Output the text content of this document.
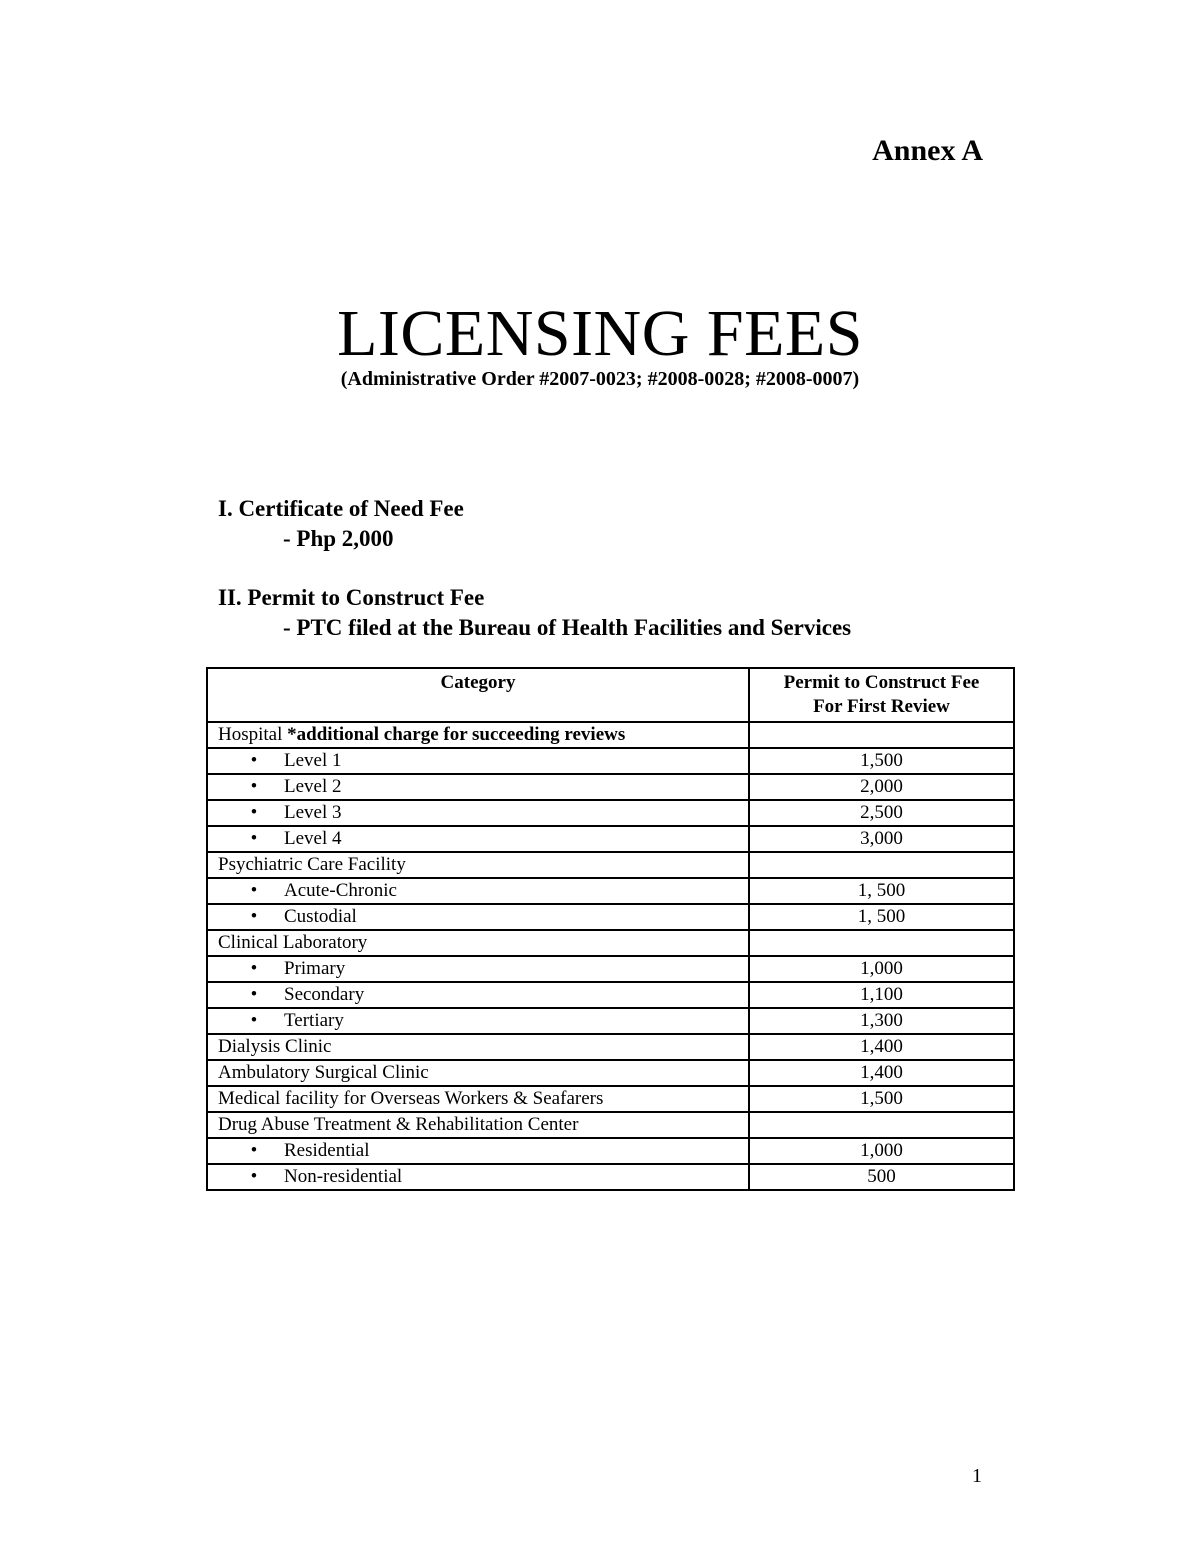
Annex A
LICENSING FEES
(Administrative Order #2007-0023; #2008-0028; #2008-0007)
I. Certificate of Need Fee
- Php 2,000
II. Permit to Construct Fee
- PTC filed at the Bureau of Health Facilities and Services
Category	Permit to Construct Fee
For First Review
Hospital *additional charge for succeeding reviews	
• Level 1	1,500
• Level 2	2,000
• Level 3	2,500
• Level 4	3,000
Psychiatric Care Facility	
• Acute-Chronic	1, 500
• Custodial	1, 500
Clinical Laboratory	
• Primary	1,000
• Secondary	1,100
• Tertiary	1,300
Dialysis Clinic	1,400
Ambulatory Surgical Clinic	1,400
Medical facility for Overseas Workers & Seafarers	1,500
Drug Abuse Treatment & Rehabilitation Center	
• Residential	1,000
• Non-residential	500
1
